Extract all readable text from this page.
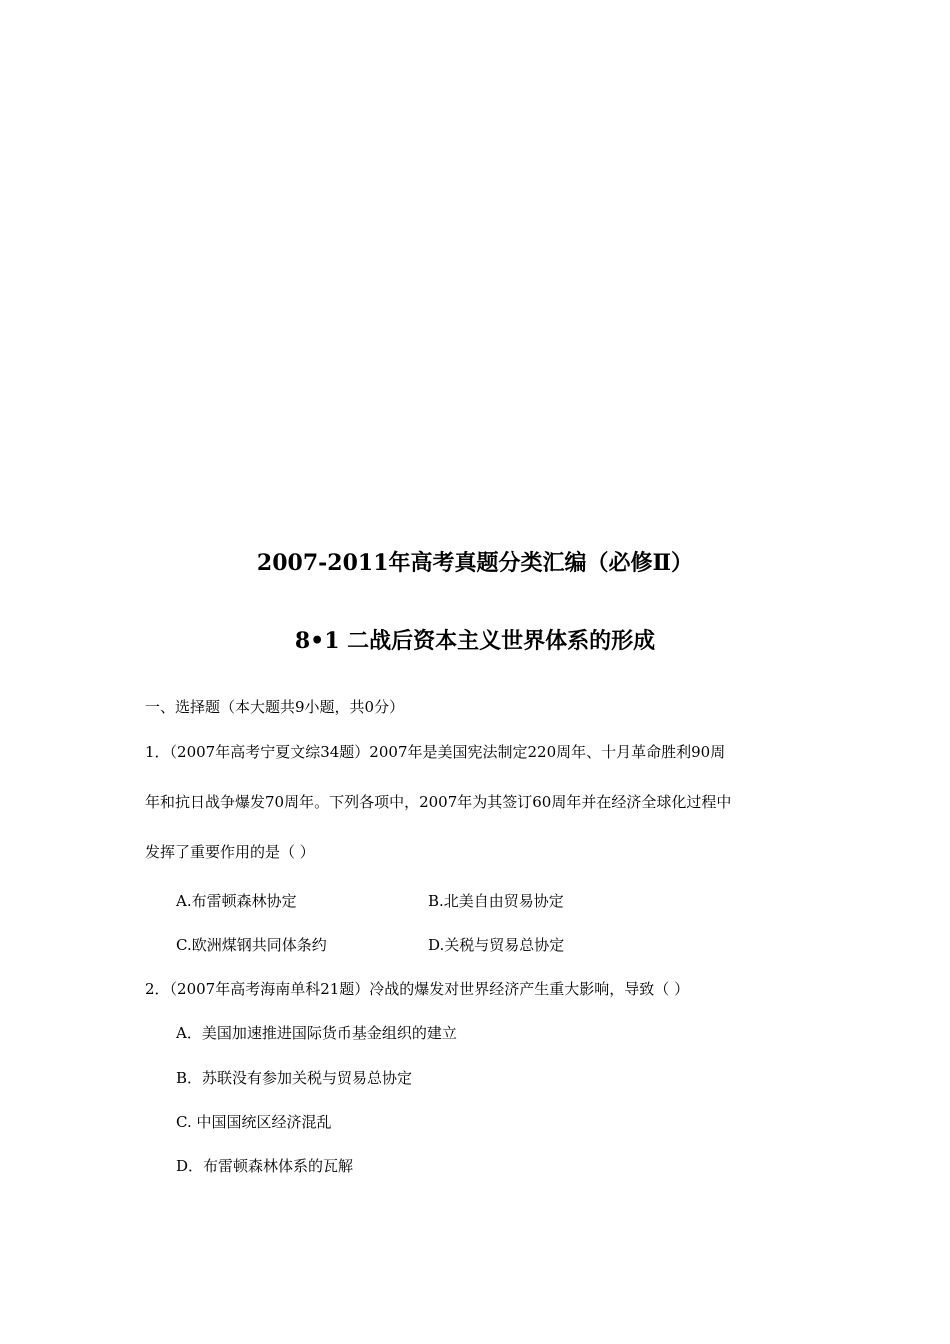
2007-2011年高考真题分类汇编（必修Ⅱ）
8•1 二战后资本主义世界体系的形成
一、选择题（本大题共9小题，共0分）
1．（2007年高考宁夏文综34题）2007年是美国宪法制定220周年、十月革命胜利90周
年和抗日战争爆发70周年。下列各项中，2007年为其签订60周年并在经济全球化过程中
发挥了重要作用的是（ ）
A.布雷顿森林协定	B.北美自由贸易协定
C.欧洲煤钢共同体条约	D.关税与贸易总协定
2．（2007年高考海南单科21题）冷战的爆发对世界经济产生重大影响，导致（ ）
A．美国加速推进国际货币基金组织的建立
B．苏联没有参加关税与贸易总协定
C. 中国国统区经济混乱
D．布雷顿森林体系的瓦解
